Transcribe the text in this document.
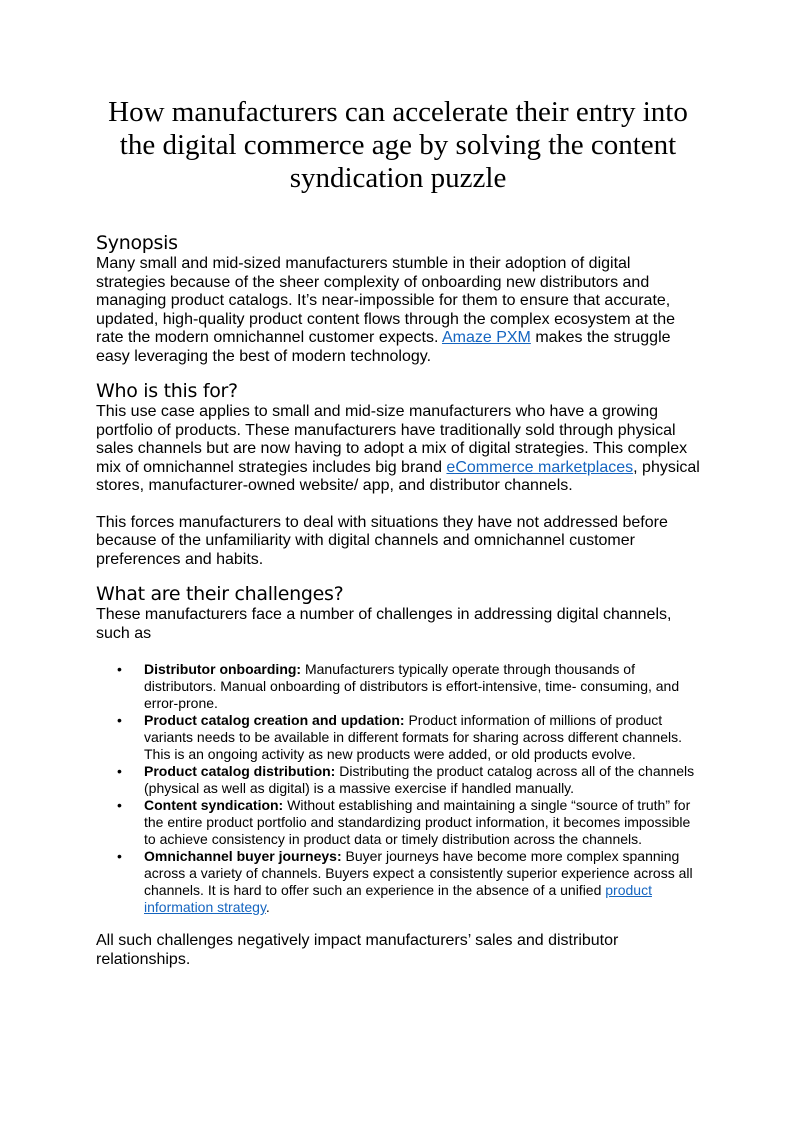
How manufacturers can accelerate their entry into the digital commerce age by solving the content syndication puzzle
Synopsis

Many small and mid-sized manufacturers stumble in their adoption of digital strategies because of the sheer complexity of onboarding new distributors and managing product catalogs. It’s near-impossible for them to ensure that accurate, updated, high-quality product content flows through the complex ecosystem at the rate the modern omnichannel customer expects. Amaze PXM makes the struggle easy leveraging the best of modern technology.

Who is this for?

This use case applies to small and mid-size manufacturers who have a growing portfolio of products. These manufacturers have traditionally sold through physical sales channels but are now having to adopt a mix of digital strategies. This complex mix of omnichannel strategies includes big brand eCommerce marketplaces, physical stores, manufacturer-owned website/ app, and distributor channels.

This forces manufacturers to deal with situations they have not addressed before because of the unfamiliarity with digital channels and omnichannel customer preferences and habits.

What are their challenges?

These manufacturers face a number of challenges in addressing digital channels, such as

• Distributor onboarding: Manufacturers typically operate through thousands of distributors. Manual onboarding of distributors is effort-intensive, time- consuming, and error-prone.
• Product catalog creation and updation: Product information of millions of product variants needs to be available in different formats for sharing across different channels. This is an ongoing activity as new products were added, or old products evolve.
• Product catalog distribution: Distributing the product catalog across all of the channels (physical as well as digital) is a massive exercise if handled manually.
• Content syndication: Without establishing and maintaining a single “source of truth” for the entire product portfolio and standardizing product information, it becomes impossible to achieve consistency in product data or timely distribution across the channels.
• Omnichannel buyer journeys: Buyer journeys have become more complex spanning across a variety of channels. Buyers expect a consistently superior experience across all channels. It is hard to offer such an experience in the absence of a unified product information strategy.

All such challenges negatively impact manufacturers’ sales and distributor relationships.
